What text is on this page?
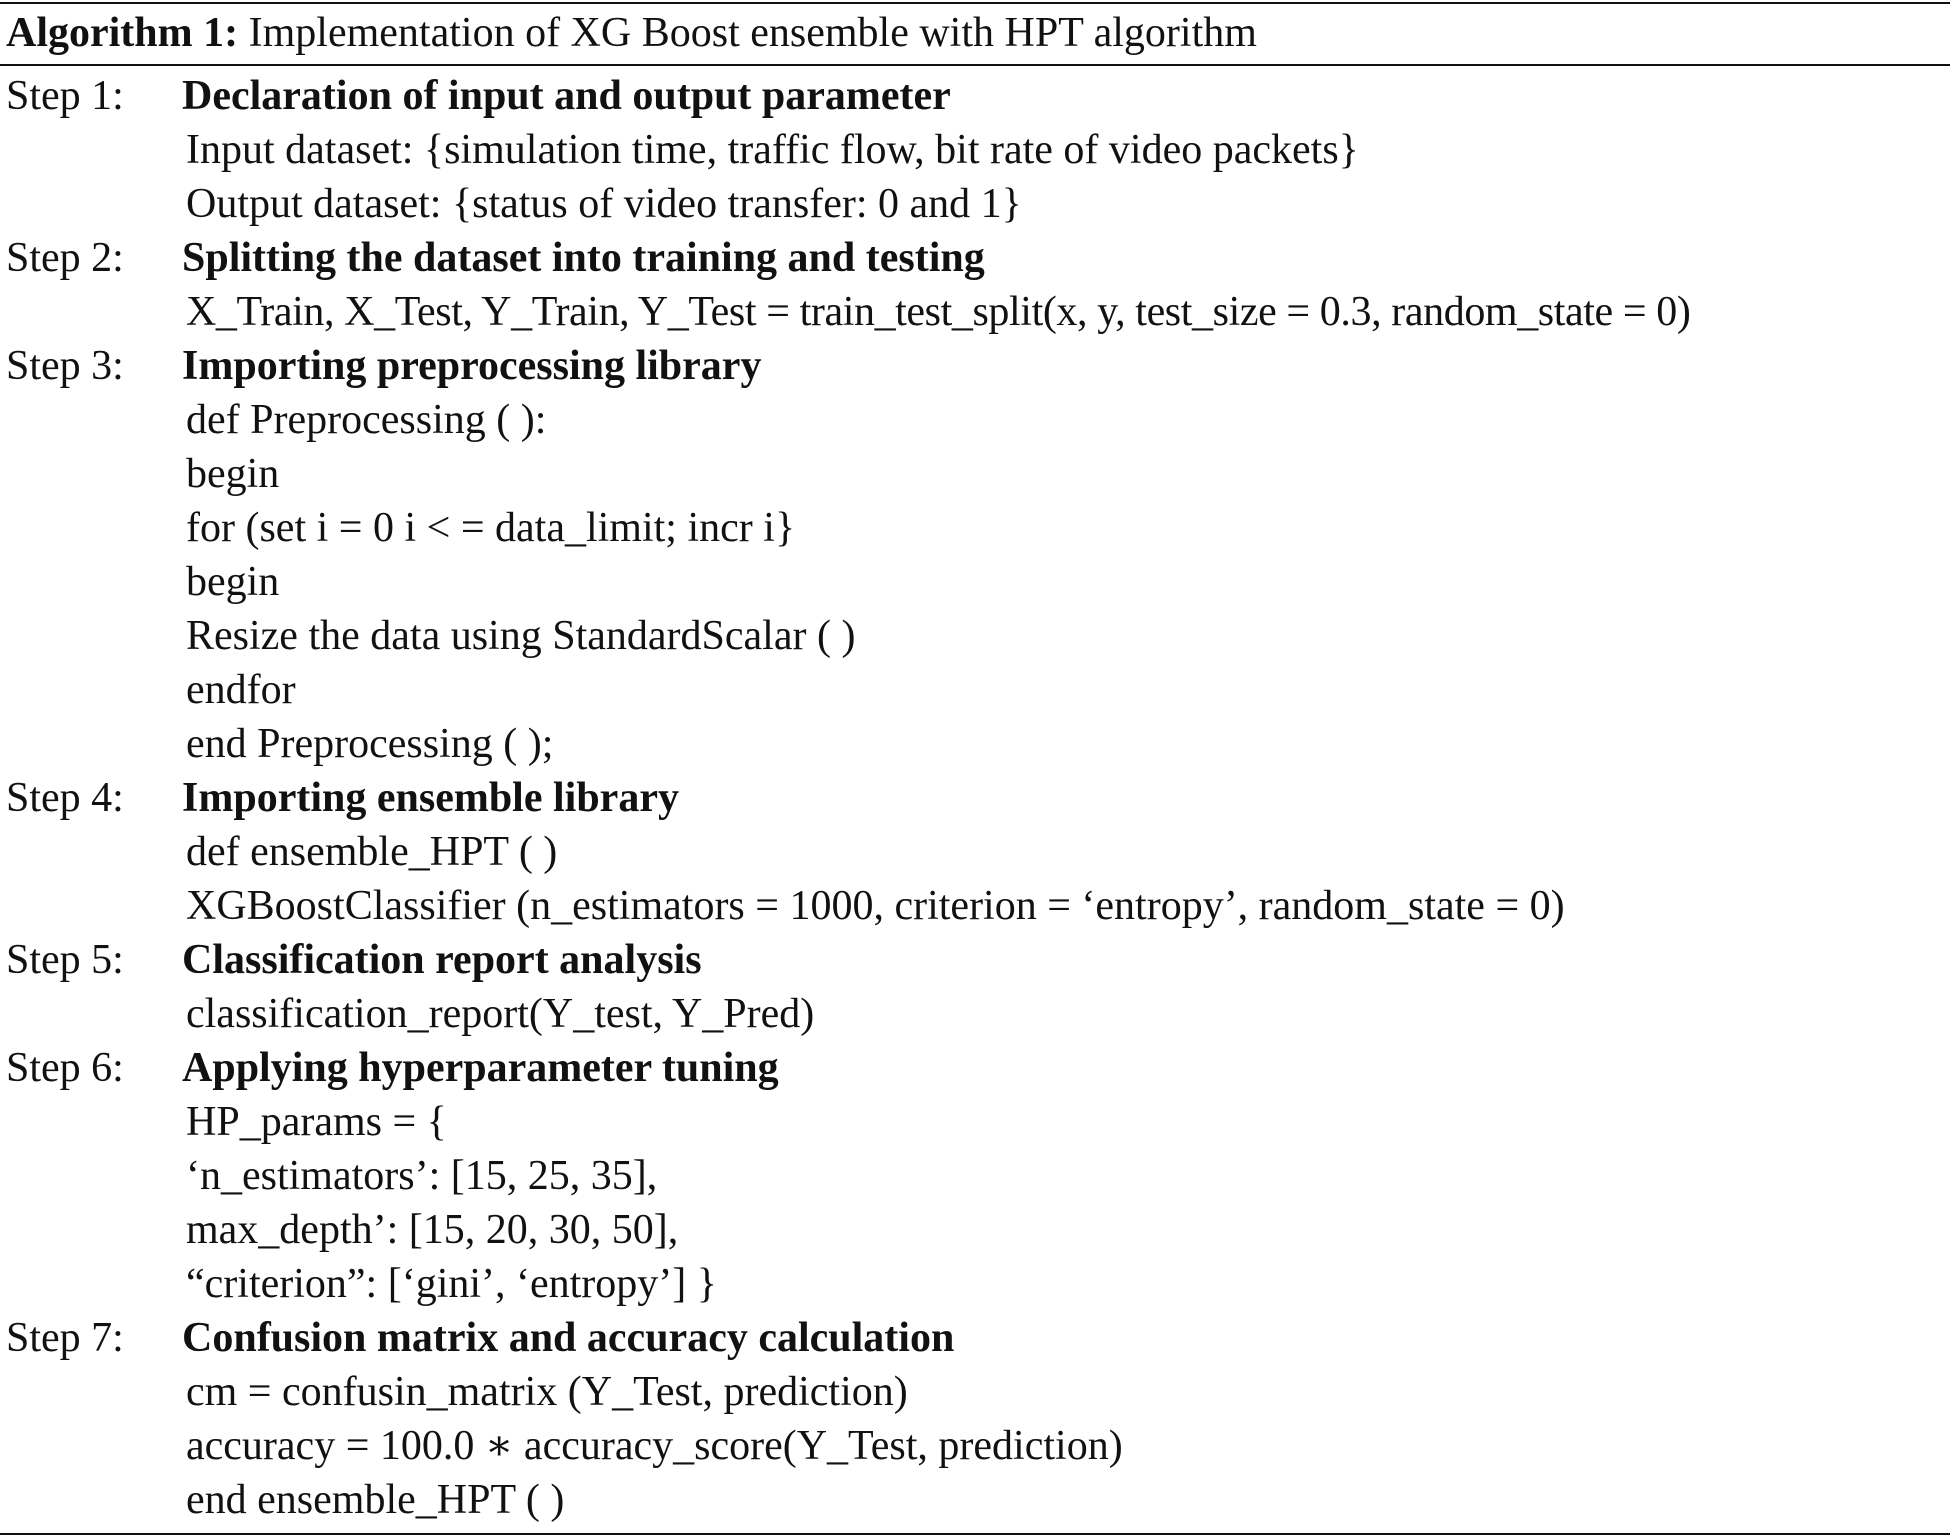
Algorithm 1: Implementation of XG Boost ensemble with HPT algorithm
Step 1:	Declaration of input and output parameter
Input dataset: {simulation time, traffic flow, bit rate of video packets}
Output dataset: {status of video transfer: 0 and 1}
Step 2:	Splitting the dataset into training and testing
X_Train, X_Test, Y_Train, Y_Test = train_test_split(x, y, test_size = 0.3, random_state = 0)
Step 3:	Importing preprocessing library
def Preprocessing ( ):
begin
for (set i = 0 i < = data_limit; incr i}
begin
Resize the data using StandardScalar ( )
endfor
end Preprocessing ( );
Step 4:	Importing ensemble library
def ensemble_HPT ( )
XGBoostClassifier (n_estimators = 1000, criterion = ‘entropy’, random_state = 0)
Step 5:	Classification report analysis
classification_report(Y_test, Y_Pred)
Step 6:	Applying hyperparameter tuning
HP_params = {
‘n_estimators’: [15, 25, 35],
max_depth’: [15, 20, 30, 50],
“criterion”: [‘gini’, ‘entropy’] }
Step 7:	Confusion matrix and accuracy calculation
cm = confusin_matrix (Y_Test, prediction)
accuracy = 100.0 ∗ accuracy_score(Y_Test, prediction)
end ensemble_HPT ( )
